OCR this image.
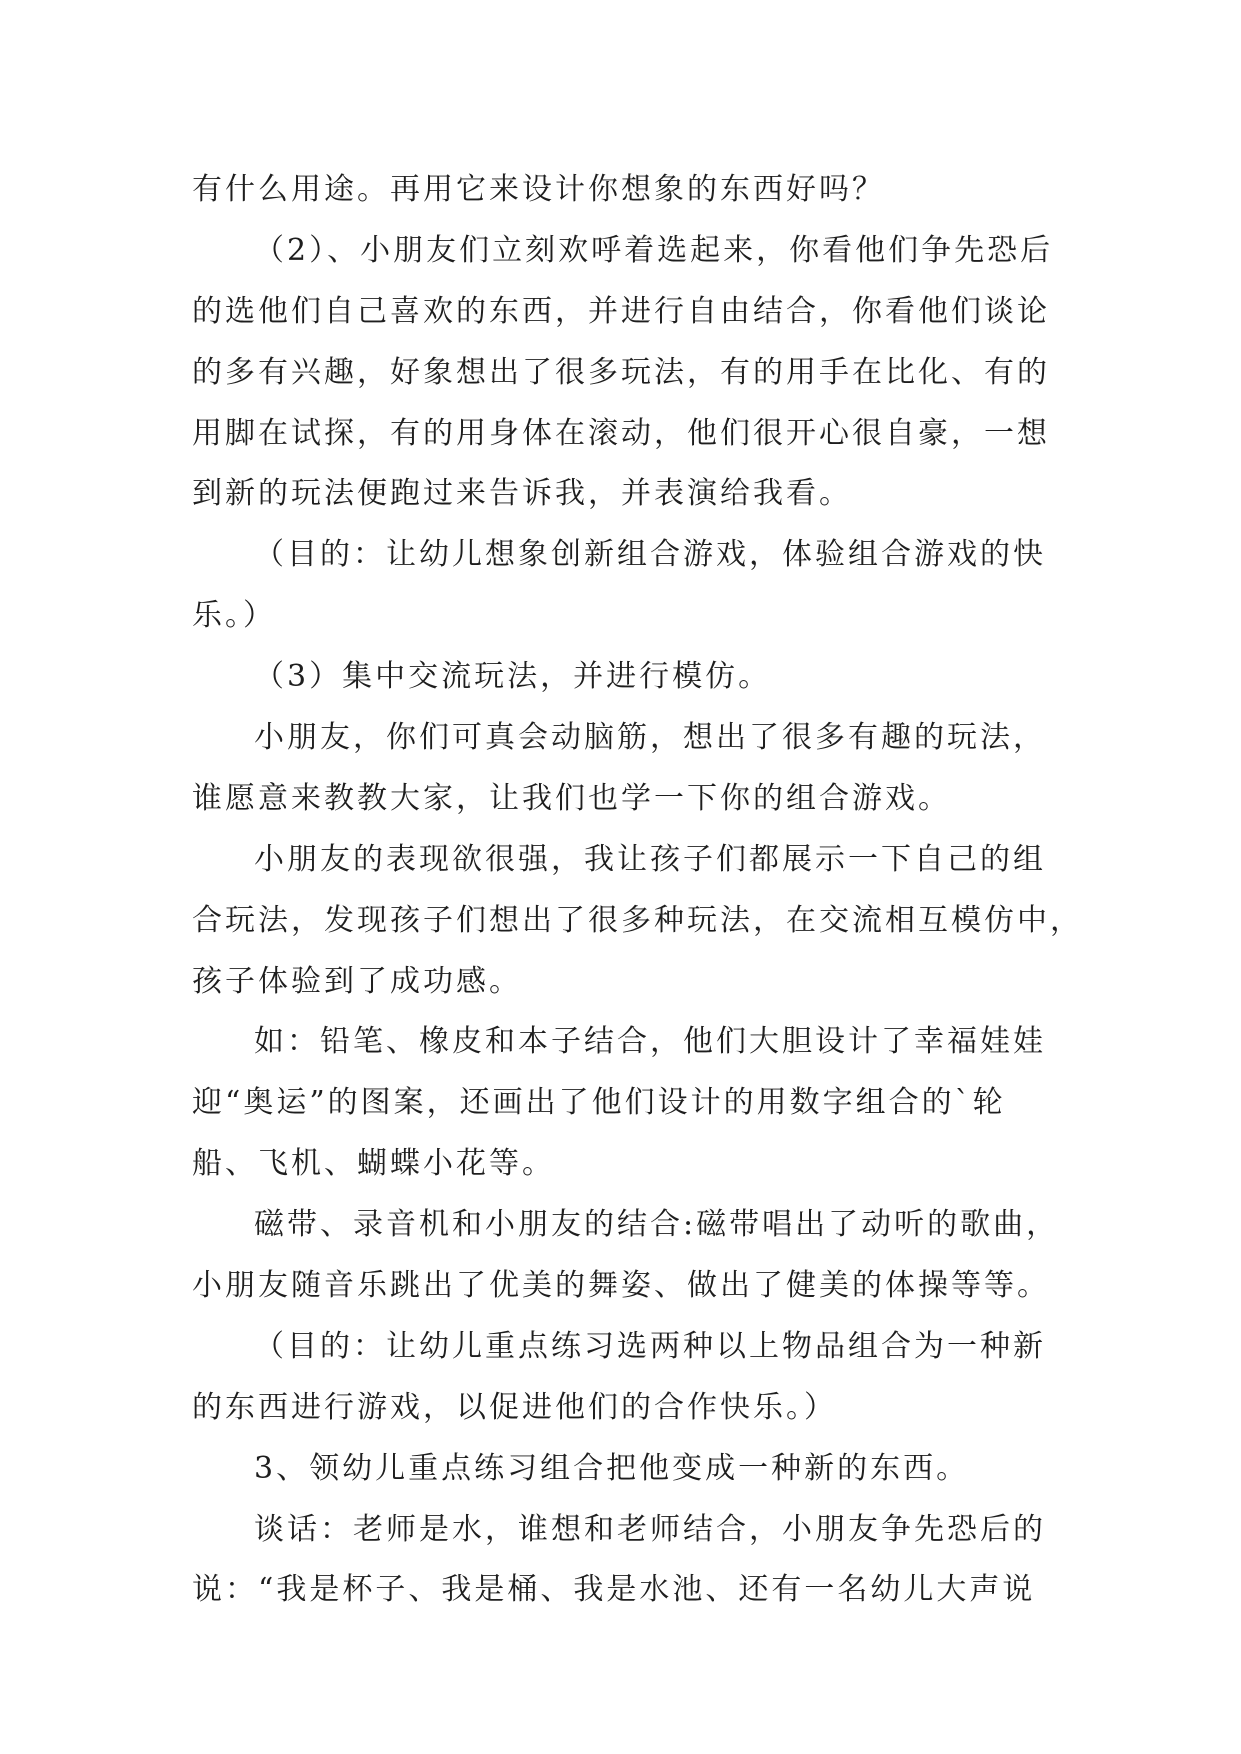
有什么用途。再用它来设计你想象的东西好吗？
（2）、小朋友们立刻欢呼着选起来，你看他们争先恐后
的选他们自己喜欢的东西，并进行自由结合，你看他们谈论
的多有兴趣，好象想出了很多玩法，有的用手在比化、有的
用脚在试探，有的用身体在滚动，他们很开心很自豪，一想
到新的玩法便跑过来告诉我，并表演给我看。
（目的：让幼儿想象创新组合游戏，体验组合游戏的快
乐。）
（3）集中交流玩法，并进行模仿。
小朋友，你们可真会动脑筋，想出了很多有趣的玩法，
谁愿意来教教大家，让我们也学一下你的组合游戏。
小朋友的表现欲很强，我让孩子们都展示一下自己的组
合玩法，发现孩子们想出了很多种玩法，在交流相互模仿中，
孩子体验到了成功感。
如：铅笔、橡皮和本子结合，他们大胆设计了幸福娃娃
迎“奥运”的图案，还画出了他们设计的用数字组合的`轮
船、飞机、蝴蝶小花等。
磁带、录音机和小朋友的结合:磁带唱出了动听的歌曲，
小朋友随音乐跳出了优美的舞姿、做出了健美的体操等等。
（目的：让幼儿重点练习选两种以上物品组合为一种新
的东西进行游戏，以促进他们的合作快乐。）
3、领幼儿重点练习组合把他变成一种新的东西。
谈话：老师是水，谁想和老师结合，小朋友争先恐后的
说：“我是杯子、我是桶、我是水池、还有一名幼儿大声说
